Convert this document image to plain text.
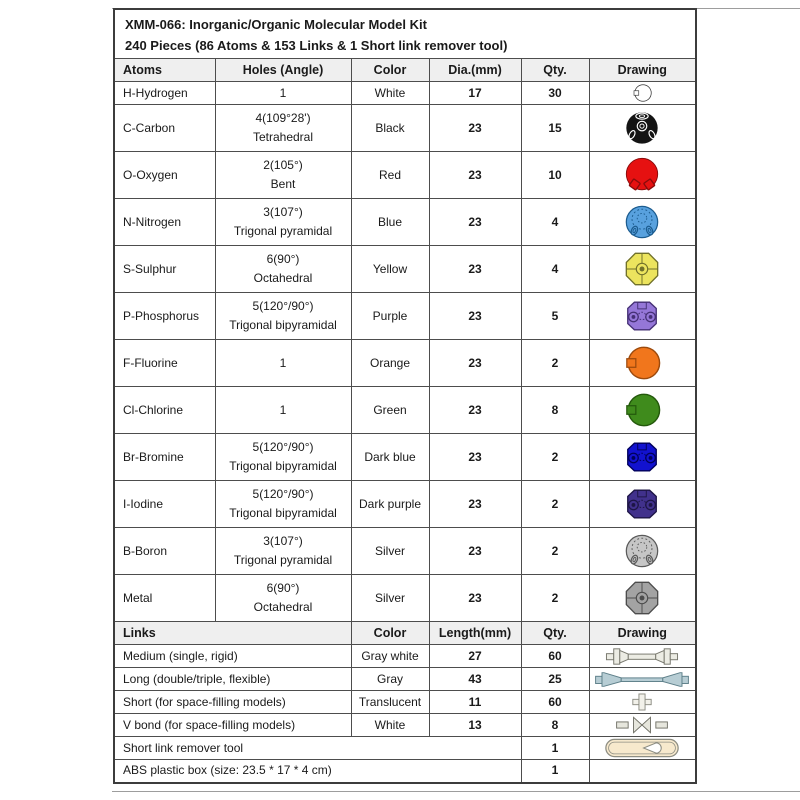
XMM-066: Inorganic/Organic Molecular Model Kit
240 Pieces (86 Atoms & 153 Links & 1 Short link remover tool)					

Atoms	Holes (Angle)	Color	Dia.(mm)	Qty.	Drawing
H-Hydrogen	1	White	17	30	

C-Carbon	4(109°28')
Tetrahedral	Black	23	15	

O-Oxygen	2(105°)
Bent	Red	23	10	

N-Nitrogen	3(107°)
Trigonal pyramidal	Blue	23	4	

S-Sulphur	6(90°)
Octahedral	Yellow	23	4	

P-Phosphorus	5(120°/90°)
Trigonal bipyramidal	Purple	23	5	

F-Fluorine	1	Orange	23	2	

Cl-Chlorine	1	Green	23	8	

Br-Bromine	5(120°/90°)
Trigonal bipyramidal	Dark blue	23	2	

I-Iodine	5(120°/90°)
Trigonal bipyramidal	Dark purple	23	2	

B-Boron	3(107°)
Trigonal pyramidal	Silver	23	2	

Metal	6(90°)
Octahedral	Silver	23	2	

Links		Color	Length(mm)	Qty.	Drawing
Medium (single, rigid)		Gray white	27	60	

Long (double/triple, flexible)		Gray	43	25	

Short (for space-filling models)		Translucent	11	60	

V bond (for space-filling models)		White	13	8	

Short link remover tool				1	

ABS plastic box (size: 23.5 * 17 * 4 cm)				1	
